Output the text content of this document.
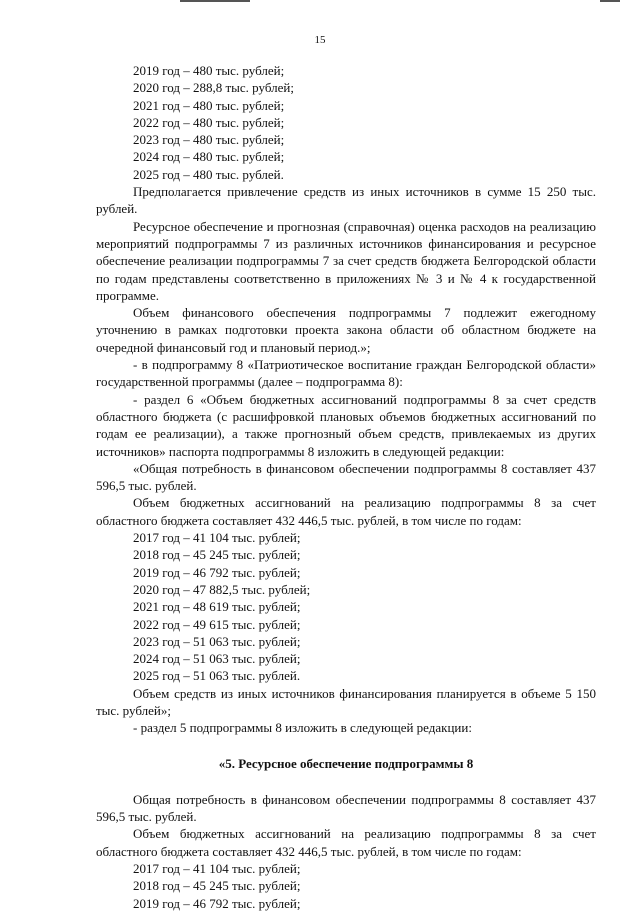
15

2019 год – 480 тыс. рублей;

2020 год – 288,8 тыс. рублей;

2021 год – 480 тыс. рублей;

2022 год – 480 тыс. рублей;

2023 год – 480 тыс. рублей;

2024 год – 480 тыс. рублей;

2025 год – 480 тыс. рублей.

Предполагается привлечение средств из иных источников в сумме 15 250 тыс. рублей.

Ресурсное обеспечение и прогнозная (справочная) оценка расходов на реализацию мероприятий подпрограммы 7 из различных источников финансирования и ресурсное обеспечение реализации подпрограммы 7 за счет средств бюджета Белгородской области по годам представлены соответственно в приложениях № 3 и № 4 к государственной программе.

Объем финансового обеспечения подпрограммы 7 подлежит ежегодному уточнению в рамках подготовки проекта закона области об областном бюджете на очередной финансовый год и плановый период.»;

- в подпрограмму 8 «Патриотическое воспитание граждан Белгородской области» государственной программы (далее – подпрограмма 8):

- раздел 6 «Объем бюджетных ассигнований подпрограммы 8 за счет средств областного бюджета (с расшифровкой плановых объемов бюджетных ассигнований по годам ее реализации), а также прогнозный объем средств, привлекаемых из других источников» паспорта подпрограммы 8 изложить в следующей редакции:

«Общая потребность в финансовом обеспечении подпрограммы 8 составляет 437 596,5 тыс. рублей.

Объем бюджетных ассигнований на реализацию подпрограммы 8 за счет областного бюджета составляет 432 446,5 тыс. рублей, в том числе по годам:

2017 год – 41 104 тыс. рублей;

2018 год – 45 245 тыс. рублей;

2019 год – 46 792 тыс. рублей;

2020 год – 47 882,5 тыс. рублей;

2021 год – 48 619 тыс. рублей;

2022 год – 49 615 тыс. рублей;

2023 год – 51 063 тыс. рублей;

2024 год – 51 063 тыс. рублей;

2025 год – 51 063 тыс. рублей.

Объем средств из иных источников финансирования планируется в объеме 5 150 тыс. рублей»;

- раздел 5 подпрограммы 8 изложить в следующей редакции:

«5. Ресурсное обеспечение подпрограммы 8

Общая потребность в финансовом обеспечении подпрограммы 8 составляет 437 596,5 тыс. рублей.

Объем бюджетных ассигнований на реализацию подпрограммы 8 за счет областного бюджета составляет 432 446,5 тыс. рублей, в том числе по годам:

2017 год – 41 104 тыс. рублей;

2018 год – 45 245 тыс. рублей;

2019 год – 46 792 тыс. рублей;
